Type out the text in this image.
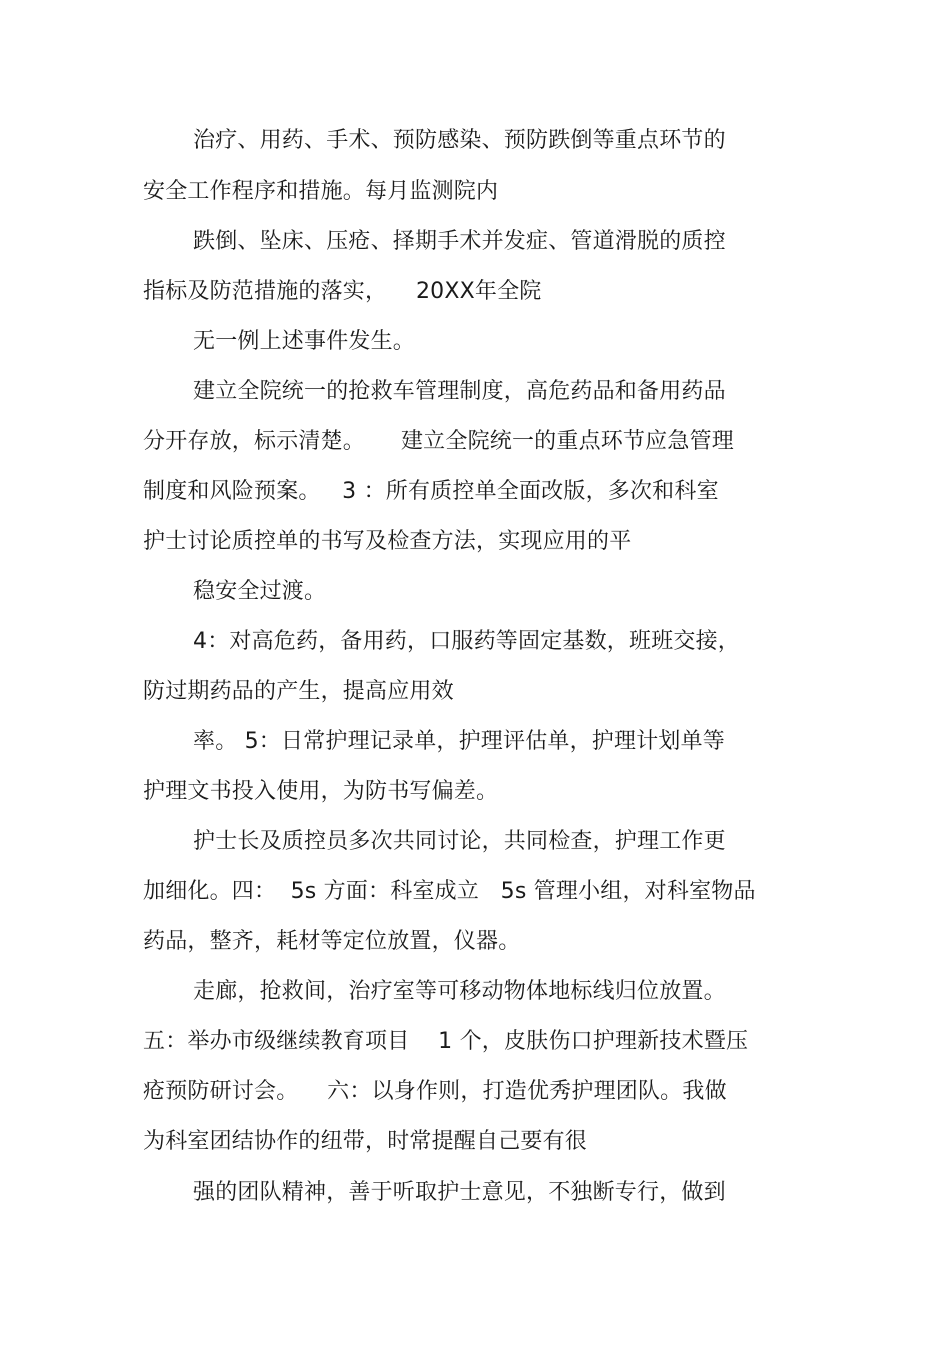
治疗、用药、手术、预防感染、预防跌倒等重点环节的
安全工作程序和措施。每月监测院内
跌倒、坠床、压疮、择期手术并发症、管道滑脱的质控
指标及防范措施的落实，    20XX年全院
无一例上述事件发生。
建立全院统一的抢救车管理制度，高危药品和备用药品
分开存放，标示清楚。     建立全院统一的重点环节应急管理
制度和风险预案。   3 ：所有质控单全面改版，多次和科室
护士讨论质控单的书写及检查方法，实现应用的平
稳安全过渡。
4：对高危药，备用药，口服药等固定基数，班班交接，
防过期药品的产生，提高应用效
率。 5：日常护理记录单，护理评估单，护理计划单等
护理文书投入使用，为防书写偏差。
护士长及质控员多次共同讨论，共同检查，护理工作更
加细化。四：  5s 方面：科室成立   5s 管理小组，对科室物品
药品，整齐，耗材等定位放置，仪器。
走廊，抢救间，治疗室等可移动物体地标线归位放置。
五：举办市级继续教育项目    1 个，皮肤伤口护理新技术暨压
疮预防研讨会。    六：以身作则，打造优秀护理团队。我做
为科室团结协作的纽带，时常提醒自己要有很
强的团队精神，善于听取护士意见，不独断专行，做到
